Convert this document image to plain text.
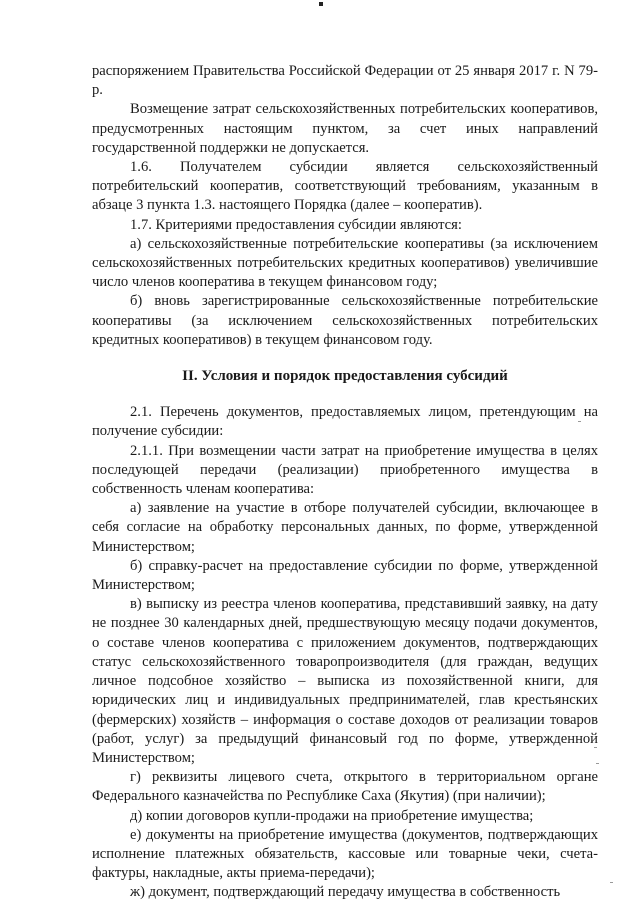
распоряжением Правительства Российской Федерации от 25 января 2017 г. N 79-р.

Возмещение затрат сельскохозяйственных потребительских кооперативов, предусмотренных настоящим пунктом, за счет иных направлений государственной поддержки не допускается.

1.6. Получателем субсидии является сельскохозяйственный потребительский кооператив, соответствующий требованиям, указанным в абзаце 3 пункта 1.3. настоящего Порядка (далее – кооператив).

1.7. Критериями предоставления субсидии являются:

а) сельскохозяйственные потребительские кооперативы (за исключением сельскохозяйственных потребительских кредитных кооперативов) увеличившие число членов кооператива в текущем финансовом году;

б) вновь зарегистрированные сельскохозяйственные потребительские кооперативы (за исключением сельскохозяйственных потребительских кредитных кооперативов) в текущем финансовом году.

II. Условия и порядок предоставления субсидий

2.1. Перечень документов, предоставляемых лицом, претендующим на получение субсидии:

2.1.1. При возмещении части затрат на приобретение имущества в целях последующей передачи (реализации) приобретенного имущества в собственность членам кооператива:

а) заявление на участие в отборе получателей субсидии, включающее в себя согласие на обработку персональных данных, по форме, утвержденной Министерством;

б) справку-расчет на предоставление субсидии по форме, утвержденной Министерством;

в) выписку из реестра членов кооператива, представивший заявку, на дату не позднее 30 календарных дней, предшествующую месяцу подачи документов, о составе членов кооператива с приложением документов, подтверждающих статус сельскохозяйственного товаропроизводителя (для граждан, ведущих личное подсобное хозяйство – выписка из похозяйственной книги, для юридических лиц и индивидуальных предпринимателей, глав крестьянских (фермерских) хозяйств – информация о составе доходов от реализации товаров (работ, услуг) за предыдущий финансовый год по форме, утвержденной Министерством;

г) реквизиты лицевого счета, открытого в территориальном органе Федерального казначейства по Республике Саха (Якутия) (при наличии);

д) копии договоров купли-продажи на приобретение имущества;

е) документы на приобретение имущества (документов, подтверждающих исполнение платежных обязательств, кассовые или товарные чеки, счета-фактуры, накладные, акты приема-передачи);

ж) документ, подтверждающий передачу имущества в собственность
